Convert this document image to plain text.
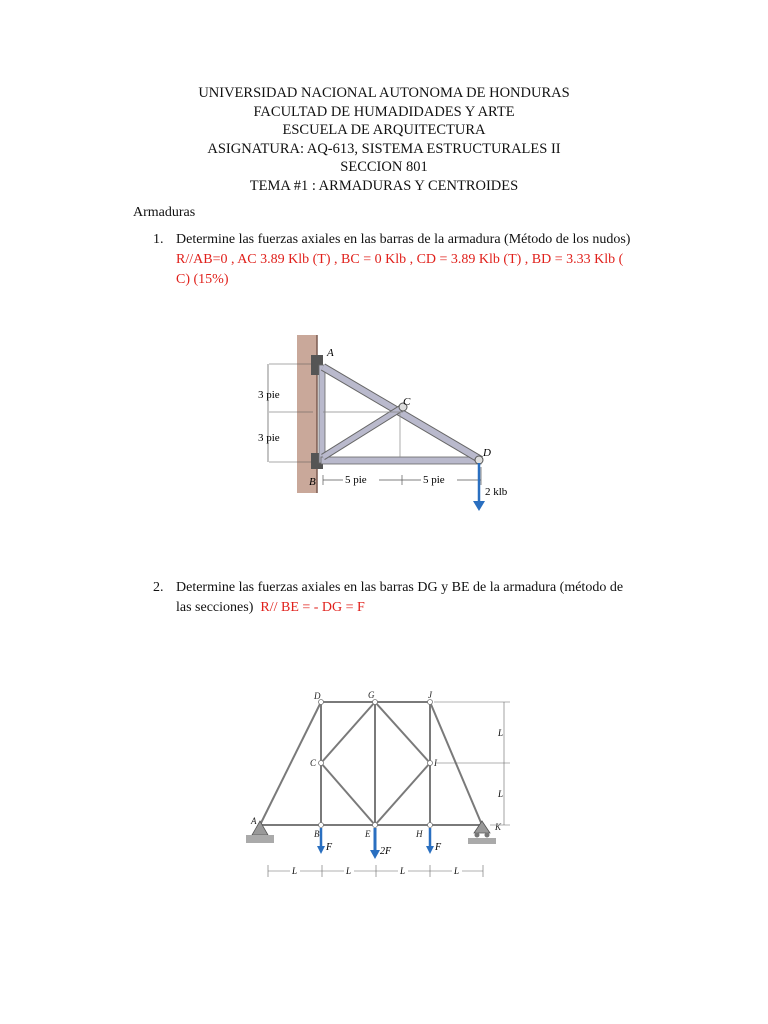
UNIVERSIDAD NACIONAL AUTONOMA DE HONDURAS
FACULTAD DE HUMADIDADES Y ARTE
ESCUELA DE ARQUITECTURA
ASIGNATURA: AQ-613, SISTEMA ESTRUCTURALES II
SECCION 801
TEMA #1 : ARMADURAS Y CENTROIDES
Armaduras
1. Determine las fuerzas axiales en las barras de la armadura (Método de los nudos)  R//AB=0 , AC 3.89 Klb (T) , BC = 0 Klb , CD = 3.89 Klb (T) , BD = 3.33 Klb ( C) (15%)
3 pie
3 pie
5 pie	5 pie
2 klb
A
B
C
D
2. Determine las fuerzas axiales en las barras DG y BE de la armadura (método de las secciones) R// BE = - DG = F
F	2F	F
A
B
C
D
E
G
H
I
J
K
L
L
L	L	L	L
